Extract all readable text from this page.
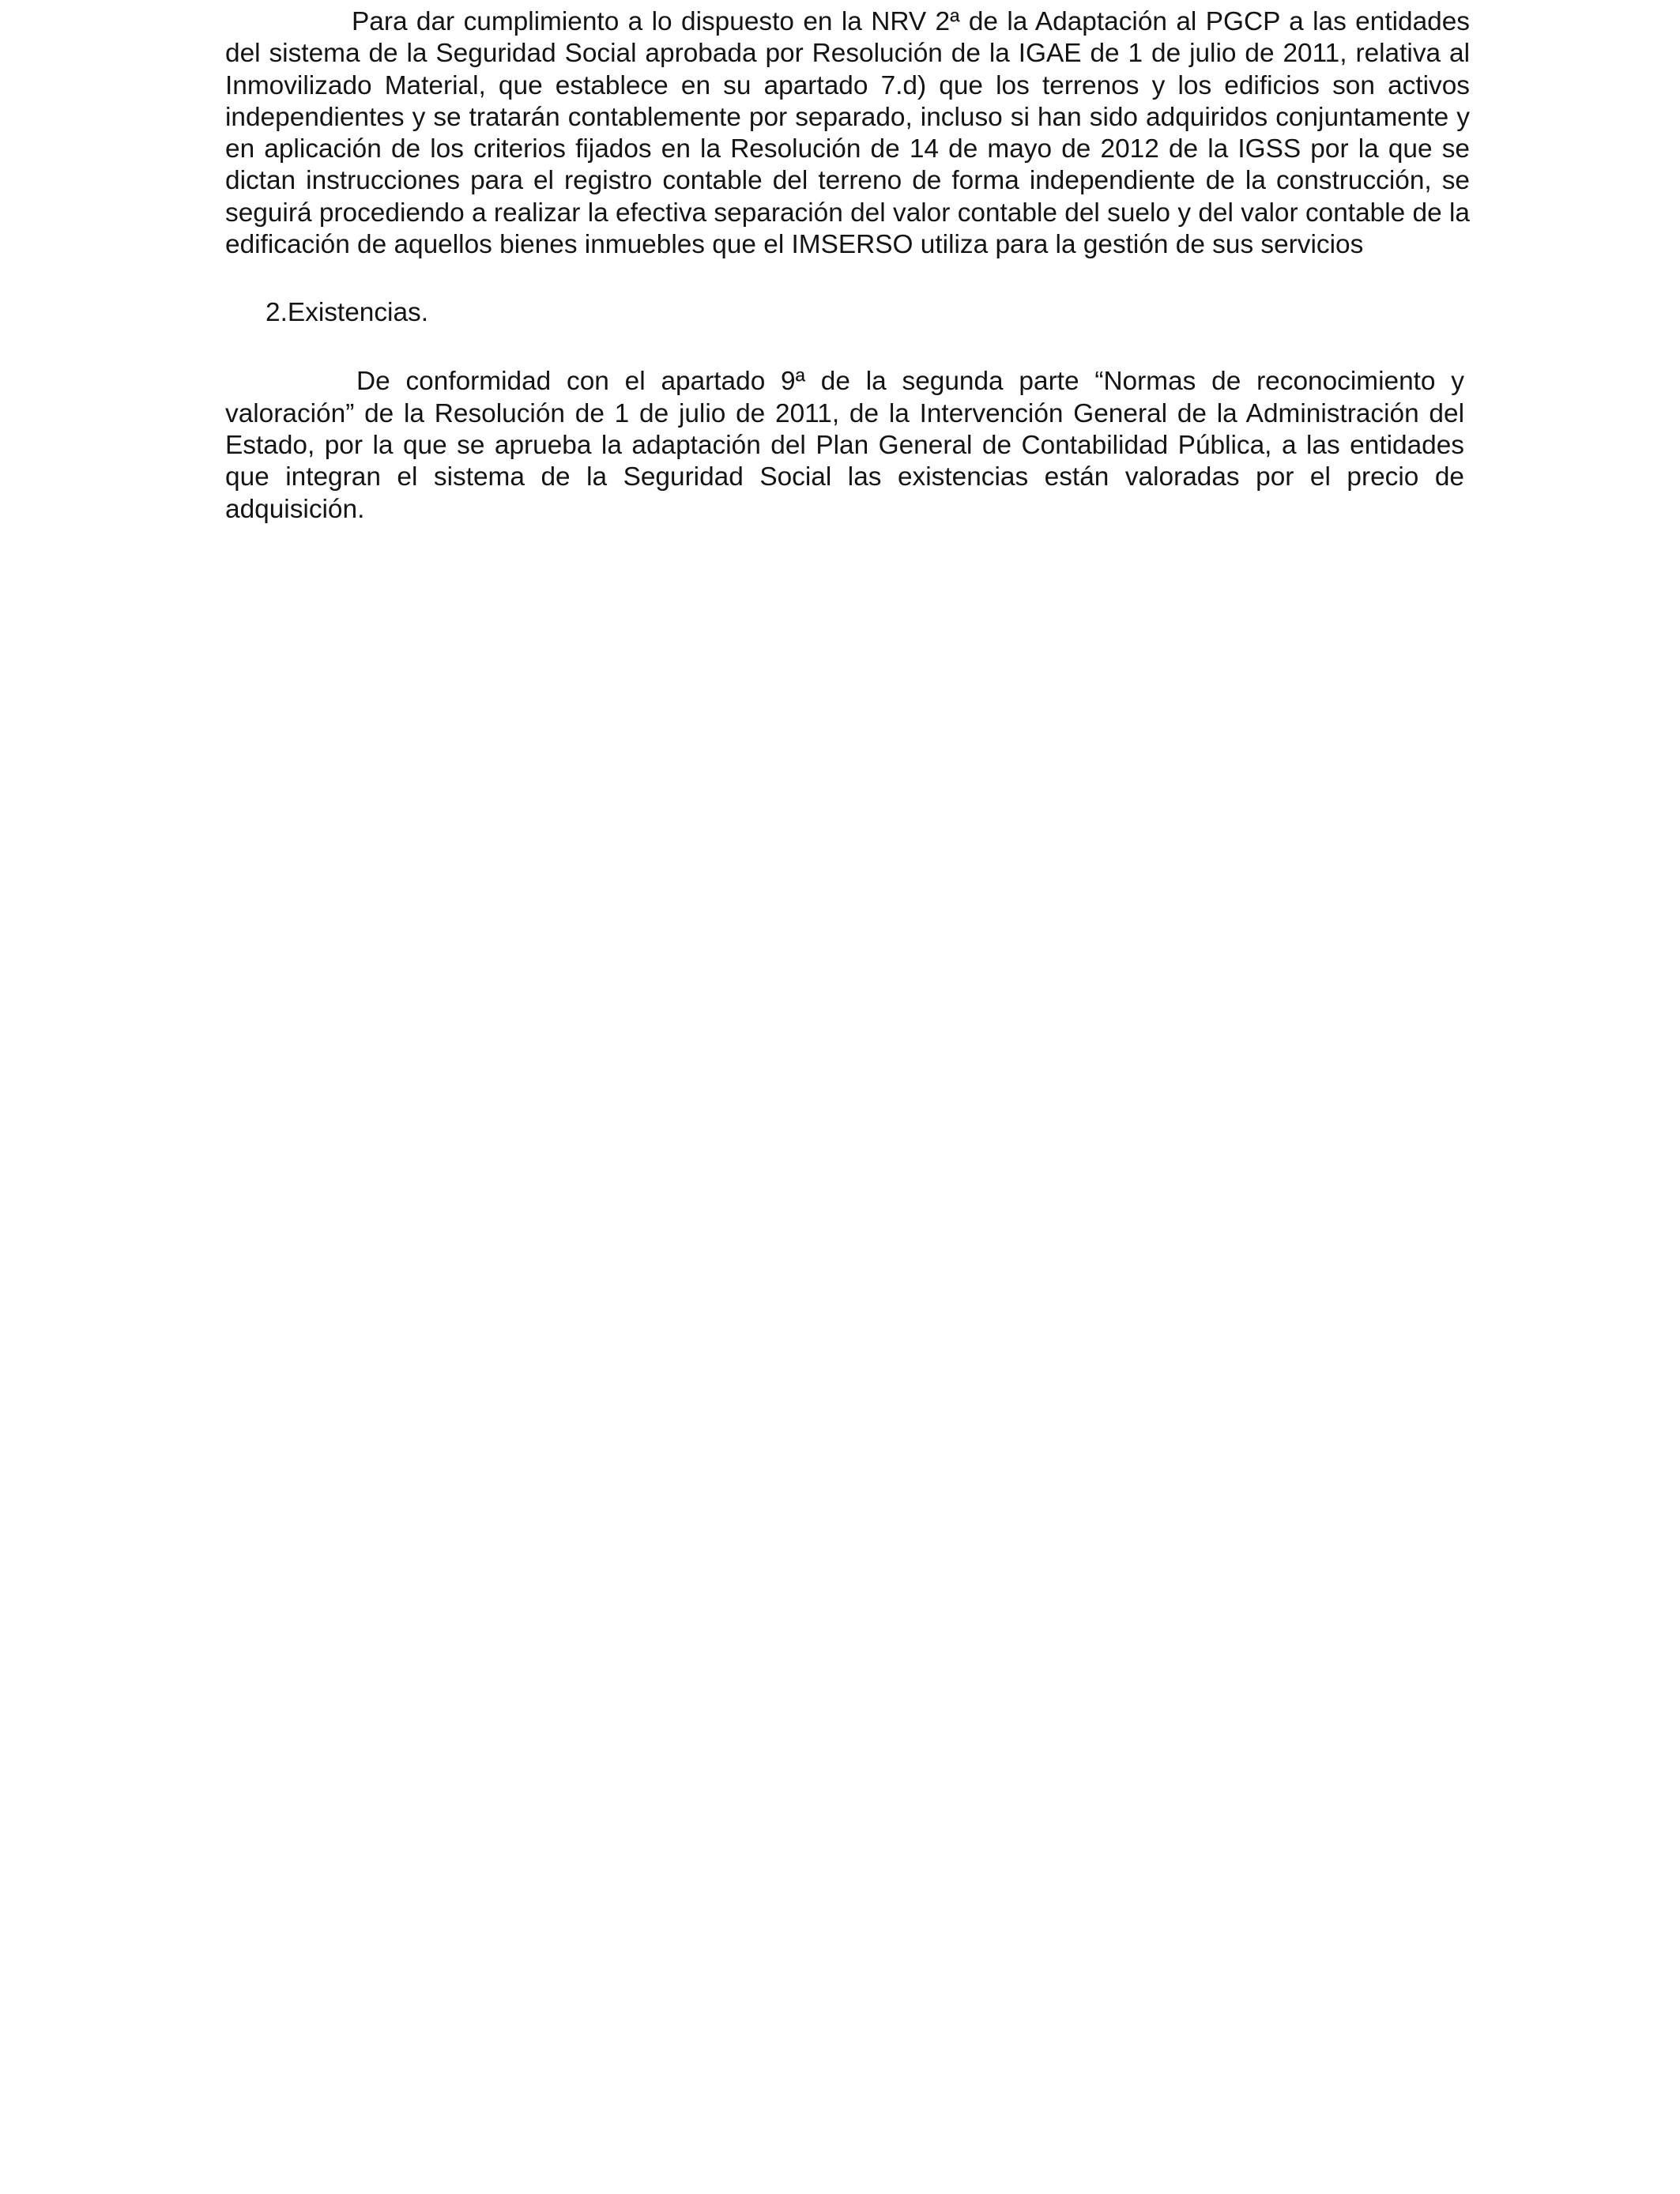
Para dar cumplimiento a lo dispuesto en la NRV 2ª de la Adaptación al PGCP a las entidades del sistema de la Seguridad Social aprobada por Resolución de la IGAE de 1 de julio de 2011, relativa al Inmovilizado Material, que establece en su apartado 7.d) que los terrenos y los edificios son activos independientes y se tratarán contablemente por separado, incluso si han sido adquiridos conjuntamente y en aplicación de los criterios fijados en la Resolución de 14 de mayo de 2012 de la IGSS por la que se dictan instrucciones para el registro contable del terreno de forma independiente de la construcción, se seguirá procediendo a realizar la efectiva separación del valor contable del suelo y del valor contable de la edificación de aquellos bienes inmuebles que el IMSERSO utiliza para la gestión de sus servicios

2.Existencias.

De conformidad con el apartado 9ª de la segunda parte “Normas de reconocimiento y valoración” de la Resolución de 1 de julio de 2011, de la Intervención General de la Administración del Estado, por la que se aprueba la adaptación del Plan General de Contabilidad Pública, a las entidades que integran el sistema de la Seguridad Social las existencias están valoradas por el precio de adquisición.
